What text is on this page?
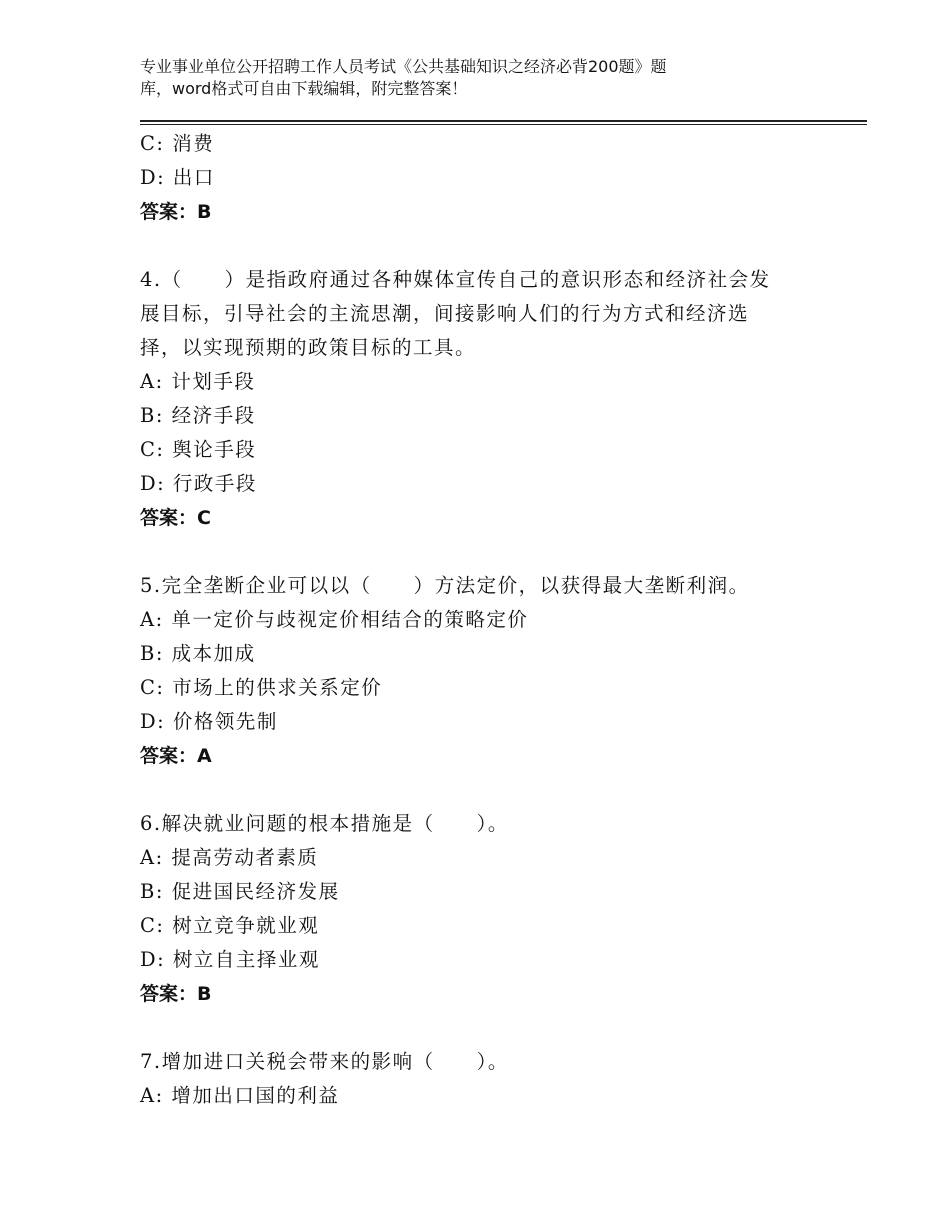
专业事业单位公开招聘工作人员考试《公共基础知识之经济必背200题》题
库，word格式可自由下载编辑，附完整答案！
C: 消费
D: 出口
答案：B
4.（　　）是指政府通过各种媒体宣传自己的意识形态和经济社会发
展目标，引导社会的主流思潮，间接影响人们的行为方式和经济选
择，以实现预期的政策目标的工具。
A: 计划手段
B: 经济手段
C: 舆论手段
D: 行政手段
答案：C
5.完全垄断企业可以以（　　）方法定价，以获得最大垄断利润。
A: 单一定价与歧视定价相结合的策略定价
B: 成本加成
C: 市场上的供求关系定价
D: 价格领先制
答案：A
6.解决就业问题的根本措施是（　　）。
A: 提高劳动者素质
B: 促进国民经济发展
C: 树立竞争就业观
D: 树立自主择业观
答案：B
7.增加进口关税会带来的影响（　　）。
A: 增加出口国的利益
